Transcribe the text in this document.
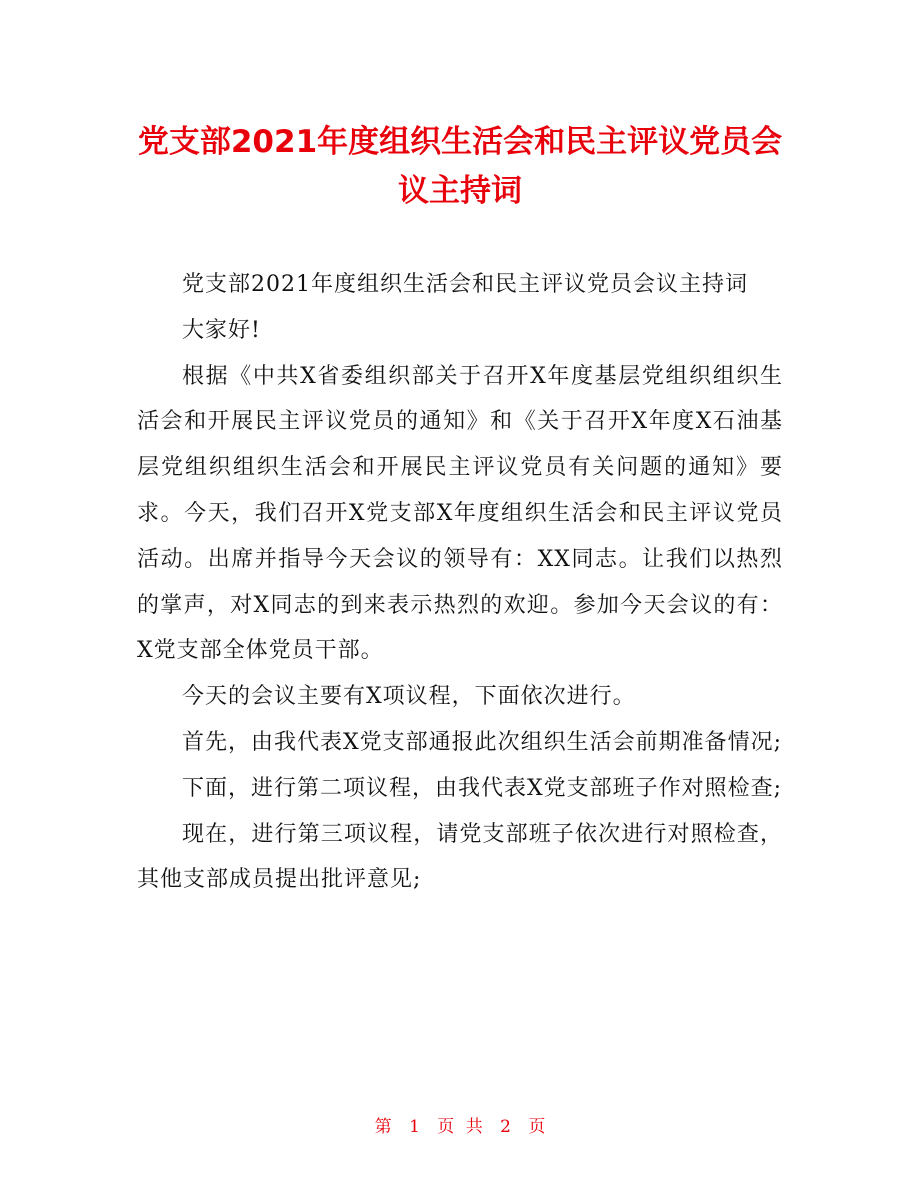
党支部2021年度组织生活会和民主评议党员会
议主持词

党支部2021年度组织生活会和民主评议党员会议主持词

大家好!

根据《中共X省委组织部关于召开X年度基层党组织组织生活会和开展民主评议党员的通知》和《关于召开X年度X石油基层党组织组织生活会和开展民主评议党员有关问题的通知》要求。今天，我们召开X党支部X年度组织生活会和民主评议党员活动。出席并指导今天会议的领导有：XX同志。让我们以热烈的掌声，对X同志的到来表示热烈的欢迎。参加今天会议的有：X党支部全体党员干部。

今天的会议主要有X项议程，下面依次进行。

首先，由我代表X党支部通报此次组织生活会前期准备情况;

下面，进行第二项议程，由我代表X党支部班子作对照检查;

现在，进行第三项议程，请党支部班子依次进行对照检查，其他支部成员提出批评意见;

第 1 页 共 2 页
